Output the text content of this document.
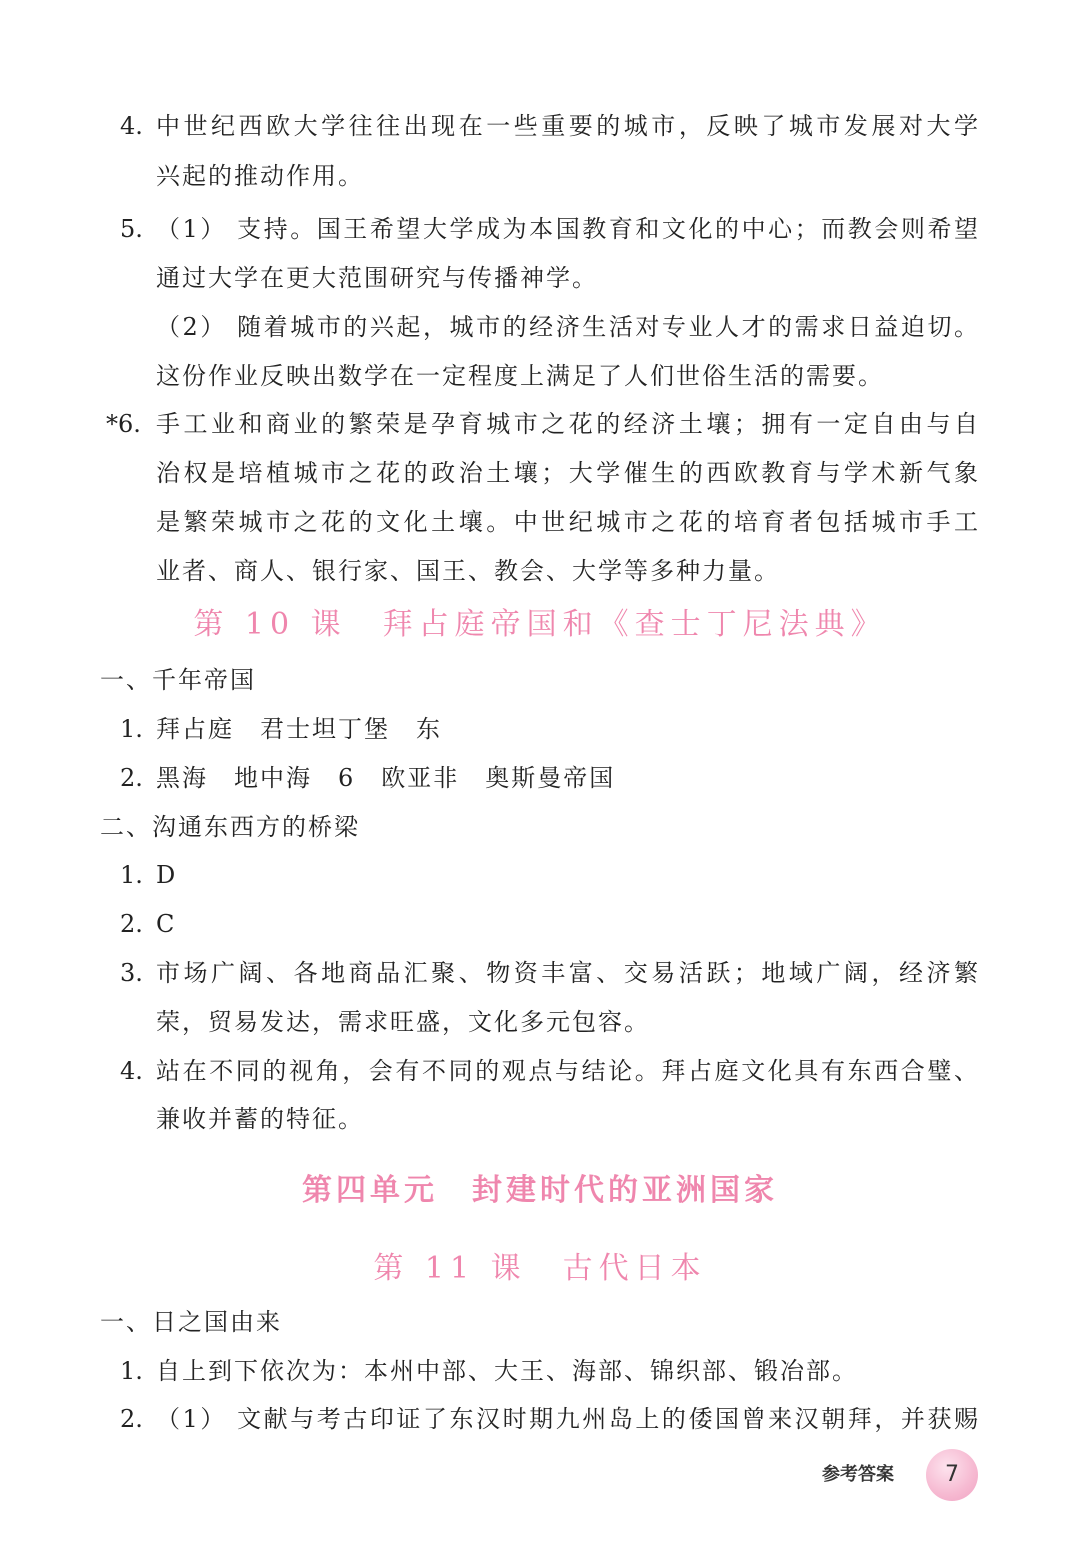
4. 中世纪西欧大学往往出现在一些重要的城市，反映了城市发展对大学
兴起的推动作用。
5. （1） 支持。国王希望大学成为本国教育和文化的中心；而教会则希望
通过大学在更大范围研究与传播神学。
（2） 随着城市的兴起，城市的经济生活对专业人才的需求日益迫切。
这份作业反映出数学在一定程度上满足了人们世俗生活的需要。
*6. 手工业和商业的繁荣是孕育城市之花的经济土壤；拥有一定自由与自
治权是培植城市之花的政治土壤；大学催生的西欧教育与学术新气象
是繁荣城市之花的文化土壤。中世纪城市之花的培育者包括城市手工
业者、商人、银行家、国王、教会、大学等多种力量。
第 10 课　拜占庭帝国和《查士丁尼法典》
一、千年帝国
1. 拜占庭　君士坦丁堡　东
2. 黑海　地中海　6　欧亚非　奥斯曼帝国
二、沟通东西方的桥梁
1. D
2. C
3. 市场广阔、各地商品汇聚、物资丰富、交易活跃；地域广阔，经济繁
荣，贸易发达，需求旺盛，文化多元包容。
4. 站在不同的视角，会有不同的观点与结论。拜占庭文化具有东西合璧、
兼收并蓄的特征。
第四单元　封建时代的亚洲国家
第 11 课　古代日本
一、日之国由来
1. 自上到下依次为：本州中部、大王、海部、锦织部、锻冶部。
2. （1） 文献与考古印证了东汉时期九州岛上的倭国曾来汉朝拜，并获赐
参考答案	7
